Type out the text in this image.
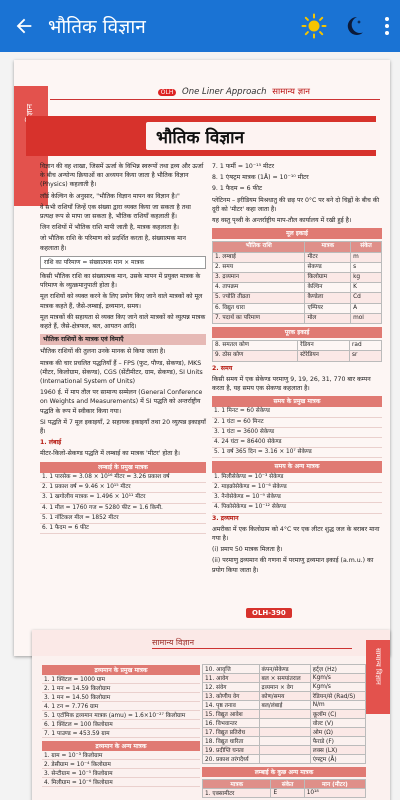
भौतिक विज्ञान
OLH One Liner Approach सामान्य ज्ञान
भौतिक विज्ञान

विज्ञान की वह शाखा, जिसमें ऊर्जा के विभिन्न स्वरूपों तथा द्रव्य और ऊर्जा के बीच अन्योन्य क्रियाओं का अध्ययन किया जाता है भौतिक विज्ञान (Physics) कहलाती है।

लॉर्ड केल्विन के अनुसार, "भौतिक विज्ञान मापन का विज्ञान है।"

वे सभी राशियाँ जिन्हें एक संख्या द्वारा व्यक्त किया जा सकता है तथा प्रत्यक्ष रूप से मापा जा सकता है, भौतिक राशियाँ कहलाती हैं।

जिन राशियों में भौतिक राशि मापी जाती है, मात्रक कहलाता है।

जो भौतिक राशि के परिमाण को प्रदर्शित करता है, संख्यात्मक मान कहलाता है।

राशि का परिमाण = संख्यात्मक मान × मात्रक

किसी भौतिक राशि का संख्यात्मक मान, उसके मापन में प्रयुक्त मात्रक के परिमाण के व्युत्क्रमानुपाती होता है।

मूल राशियों को व्यक्त करने के लिए प्रयोग किए जाने वाले मात्रकों को मूल मात्रक कहते हैं, जैसे-लम्बाई, द्रव्यमान, समय।

मूल मात्रकों की सहायता से व्यक्त किए जाने वाले मात्रकों को व्युत्पन्न मात्रक कहते हैं, जैसे-क्षेत्रफल, बल, आयतन आदि।

भौतिक राशियों के मात्रक एवं विमाएँ

भौतिक राशियों की तुलना उनके मानक से किया जाता है।

मात्रक की चार प्रचलित पद्धतियाँ हैं – FPS (फुट, पौण्ड, सेकण्ड), MKS (मीटर, किलोग्राम, सेकण्ड), CGS (सेंटीमीटर, ग्राम, सेकण्ड), SI Units (International System of Units)

1960 ई. में माप तौल पर सामान्य सम्मेलन (General Conference on Weights and Measurements) में SI पद्धति को अन्तर्राष्ट्रीय पद्धति के रूप में स्वीकार किया गया।

SI पद्धति में 7 मूल इकाइयाँ, 2 सहायक इकाइयाँ तथा 20 व्युत्पन्न इकाइयाँ हैं।

1. लंबाई

मीटर-किलो-सेकण्ड पद्धति में लम्बाई का मात्रक 'मीटर' होता है।

लम्बाई के प्रमुख मात्रक
1. 1 पारसेक = 3.08 × 10¹⁶ मीटर = 3.26 प्रकाश वर्ष
2. 1 प्रकाश वर्ष = 9.46 × 10¹⁵ मीटर
3. 1 खगोलीय मात्रक = 1.496 × 10¹¹ मीटर
4. 1 मील = 1760 गज = 5280 फीट = 1.6 किमी.
5. 1 नॉटिकल मील = 1852 मीटर
6. 1 फैदम = 6 फीट

7. 1 फर्मी = 10⁻¹⁵ मीटर

8. 1 एंग्स्ट्रम मात्रक (1Å) = 10⁻¹⁰ मीटर

9. 1 फैदम = 6 फीट

प्लेटिनम – इरीडियम मिश्रधातु की छड़ पर 0°C पर बने दो चिह्नों के बीच की दूरी को 'मीटर' कहा जाता है।

यह वस्तु पृथ्वी के अन्तर्राष्ट्रीय माप-तौल कार्यालय में रखी हुई है।

मूल इकाई
भौतिक राशि	मात्रक	संकेत
1. लम्बाई	मीटर	m
2. समय	सेकण्ड	s
3. द्रव्यमान	किलोग्राम	kg
4. तापक्रम	केल्विन	K
5. ज्योति तीव्रता	कैण्डेला	Cd
6. विद्युत धारा	एम्पियर	A
7. पदार्थ का परिमाण	मोल	mol
पूरक इकाई
8. समतल कोण	रेडियन	rad
9. ठोस कोण	स्टेरेडियन	sr

2. समय

किसी समय में एक सेकेण्ड परमाणु 9, 19, 26, 31, 770 बार कम्पन करता है, यह समय एक सेकण्ड कहलाता है।

समय के प्रमुख मात्रक
1. 1 मिनट = 60 सेकेण्ड
2. 1 घंटा = 60 मिनट
3. 1 घंटा = 3600 सेकेण्ड
4. 24 घंटा = 86400 सेकेण्ड
5. 1 वर्ष 365 दिन = 3.16 × 10⁷ सेकेण्ड
समय के अन्य मात्रक
1. मिलीसेकेण्ड = 10⁻³ सेकेण्ड
2. माइक्रोसेकेण्ड = 10⁻⁶ सेकेण्ड
3. नैनोसेकेण्ड = 10⁻⁹ सेकेण्ड
4. पिकोसेकेण्ड = 10⁻¹² सेकेण्ड

3. द्रव्यमान

अमरीका में एक किलोग्राम को 4°C पर एक लीटर शुद्ध जल के बराबर माना गया है।

(i) प्रमाप 50 मात्रक मिलता है।

(ii) परमाणु द्रव्यमान की गणना में परमाणु द्रव्यमान इकाई (a.m.u.) का प्रयोग किया जाता है।

OLH-390
सामान्य विज्ञान
सामान्य विज्ञान
द्रव्यमान के प्रमुख मात्रक
1. 1 क्विंटल = 1000 ग्राम
2. 1 मन = 14.59 किलोग्राम
3. 1 मन = 14.50 किलोग्राम
4. 1 टन = 7.776 ग्राम
5. 1 एटॉमिक द्रव्यमान मात्रक (amu) = 1.6×10⁻²⁷ किलोग्राम
6. 1 क्विंटल = 100 किलोग्राम
7. 1 पाउण्ड = 453.59 ग्राम
द्रव्यमान के अन्य मात्रक
1. ग्राम = 10⁻³ किलोग्राम
2. डेसीग्राम = 10⁻⁴ किलोग्राम
3. सेन्टीग्राम = 10⁻⁵ किलोग्राम
4. मिलीग्राम = 10⁻⁶ किलोग्राम
10. आवृत्ति	कंपन/सेकेण्ड	हर्ट्ज़ (Hz)
11. आवेग	बल × समयांतराल	Kgm/s
12. संवेग	द्रव्यमान × वेग	Kgm/s
13. कोणीय वेग	कोण/समय	रेडियन/से (Rad/S)
14. पृष्ठ तनाव	बल/लंबाई	N/m
15. विद्युत आवेश		कूलॉम (C)
16. विभवान्तर		वोल्ट (V)
17. विद्युत प्रतिरोध		ओम (Ω)
18. विद्युत धारिता		फैराडे (F)
19. प्रदीप्ति घनत्व		लक्स (LX)
20. प्रकाश तरंगदैर्ध्य		एंग्स्ट्रम (Å)
लम्बाई के कुछ अन्य मात्रक
मात्रक	संकेत	मान (मीटर)
1. एक्सामीटर	E	10¹⁸
